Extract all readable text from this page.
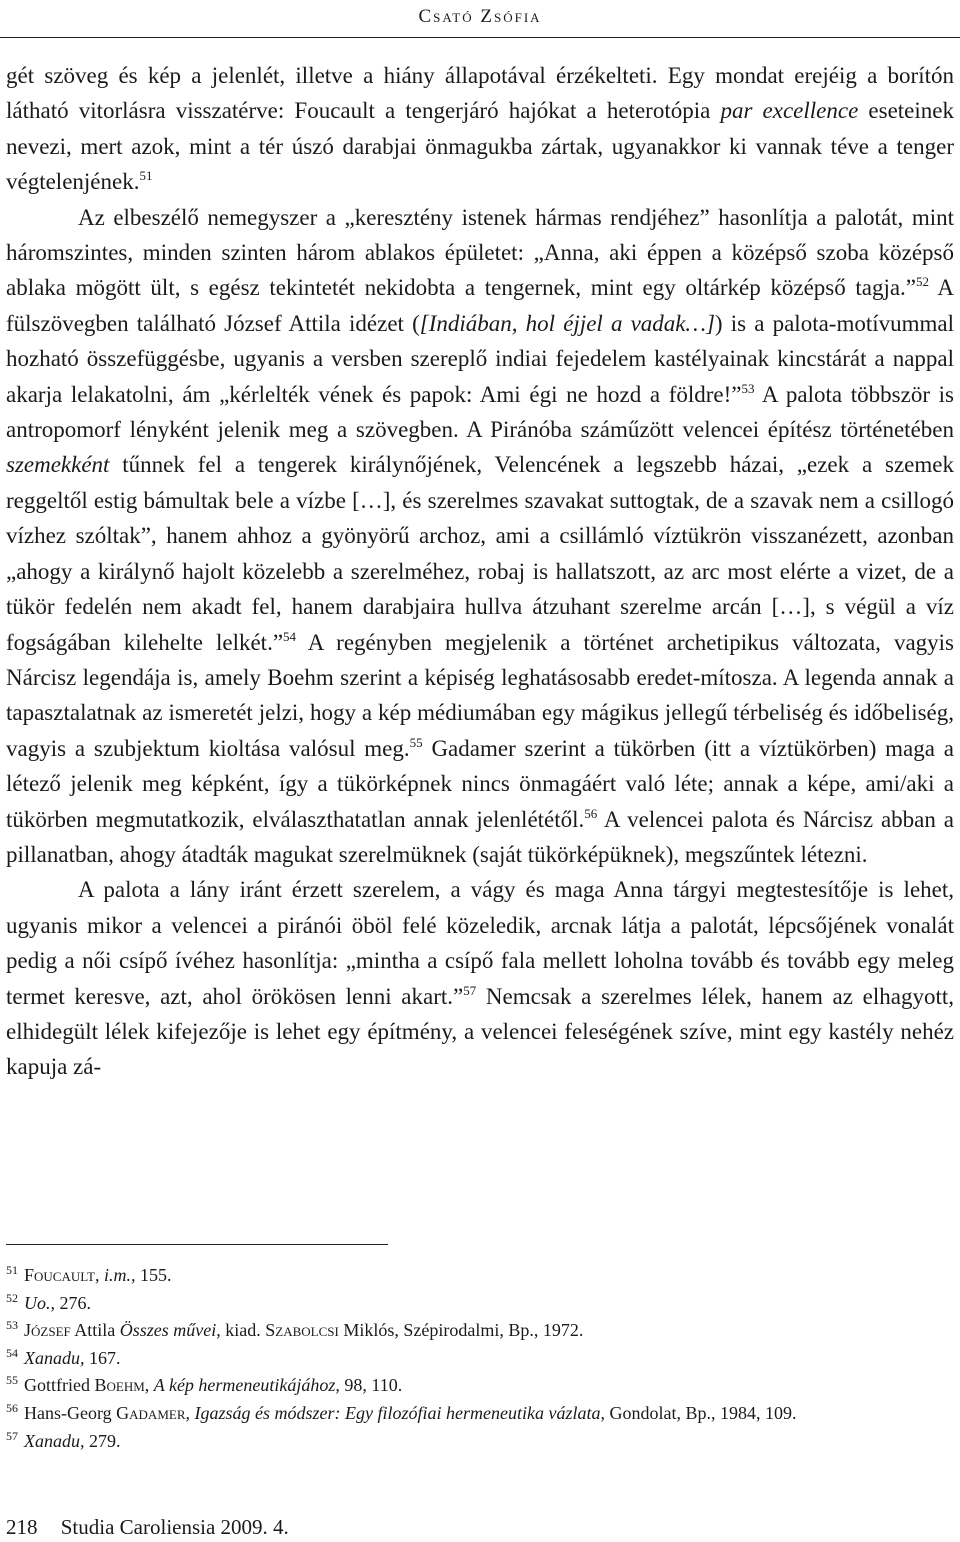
Csató Zsófia

gét szöveg és kép a jelenlét, illetve a hiány állapotával érzékelteti. Egy mondat erejéig a borítón látható vitorlásra visszatérve: Foucault a tengerjáró hajókat a heterotópia par excellence eseteinek nevezi, mert azok, mint a tér úszó darabjai önmagukba zártak, ugyanakkor ki vannak téve a tenger végtelenjének.$^{51}$

Az elbeszélő nemegyszer a „keresztény istenek hármas rendjéhez” hasonlítja a palotát, mint háromszintes, minden szinten három ablakos épületet: „Anna, aki éppen a középső szoba középső ablaka mögött ült, s egész tekintetét nekidobta a tengernek, mint egy oltárkép középső tagja.”$^{52}$ A fülszövegben található József Attila idézet ([Indiában, hol éjjel a vadak…]) is a palota-motívummal hozható összefüggésbe, ugyanis a versben szereplő indiai fejedelem kastélyainak kincstárát a nappal akarja lelakatolni, ám „kérlelték vének és papok: Ami égi ne hozd a földre!”$^{53}$ A palota többször is antropomorf lényként jelenik meg a szövegben. A Piránóba száműzött velencei építész történetében szemekként tűnnek fel a tengerek királynőjének, Velencének a legszebb házai, „ezek a szemek reggeltől estig bámultak bele a vízbe […], és szerelmes szavakat suttogtak, de a szavak nem a csillogó vízhez szóltak”, hanem ahhoz a gyönyörű archoz, ami a csillámló víztükrön visszanézett, azonban „ahogy a királynő hajolt közelebb a szerelméhez, robaj is hallatszott, az arc most elérte a vizet, de a tükör fedelén nem akadt fel, hanem darabjaira hullva átzuhant szerelme arcán […], s végül a víz fogságában kilehelte lelkét.”$^{54}$ A regényben megjelenik a történet archetipikus változata, vagyis Nárcisz legendája is, amely Boehm szerint a képiség leghatásosabb eredet-mítosza. A legenda annak a tapasztalatnak az ismeretét jelzi, hogy a kép médiumában egy mágikus jellegű térbeliség és időbeliség, vagyis a szubjektum kioltása valósul meg.$^{55}$ Gadamer szerint a tükörben (itt a víztükörben) maga a létező jelenik meg képként, így a tükörképnek nincs önmagáért való léte; annak a képe, ami/aki a tükörben megmutatkozik, elválaszthatatlan annak jelenlététől.$^{56}$ A velencei palota és Nárcisz abban a pillanatban, ahogy átadták magukat szerelmüknek (saját tükörképüknek), megszűntek létezni.

A palota a lány iránt érzett szerelem, a vágy és maga Anna tárgyi megtestesítője is lehet, ugyanis mikor a velencei a piránói öböl felé közeledik, arcnak látja a palotát, lépcsőjének vonalát pedig a női csípő ívéhez hasonlítja: „mintha a csípő fala mellett loholna tovább és tovább egy meleg termet keresve, azt, ahol örökösen lenni akart.”$^{57}$ Nemcsak a szerelmes lélek, hanem az elhagyott, elhidegült lélek kifejezője is lehet egy építmény, a velencei feleségének szíve, mint egy kastély nehéz kapuja zá-

$^{51}$ Foucault, i.m., 155.
$^{52}$ Uo., 276.
$^{53}$ József Attila Összes művei, kiad. Szabolcsi Miklós, Szépirodalmi, Bp., 1972.
$^{54}$ Xanadu, 167.
$^{55}$ Gottfried Boehm, A kép hermeneutikájához, 98, 110.
$^{56}$ Hans-Georg Gadamer, Igazság és módszer: Egy filozófiai hermeneutika vázlata, Gondolat, Bp., 1984, 109.
$^{57}$ Xanadu, 279.
218 Studia Caroliensia 2009. 4.
